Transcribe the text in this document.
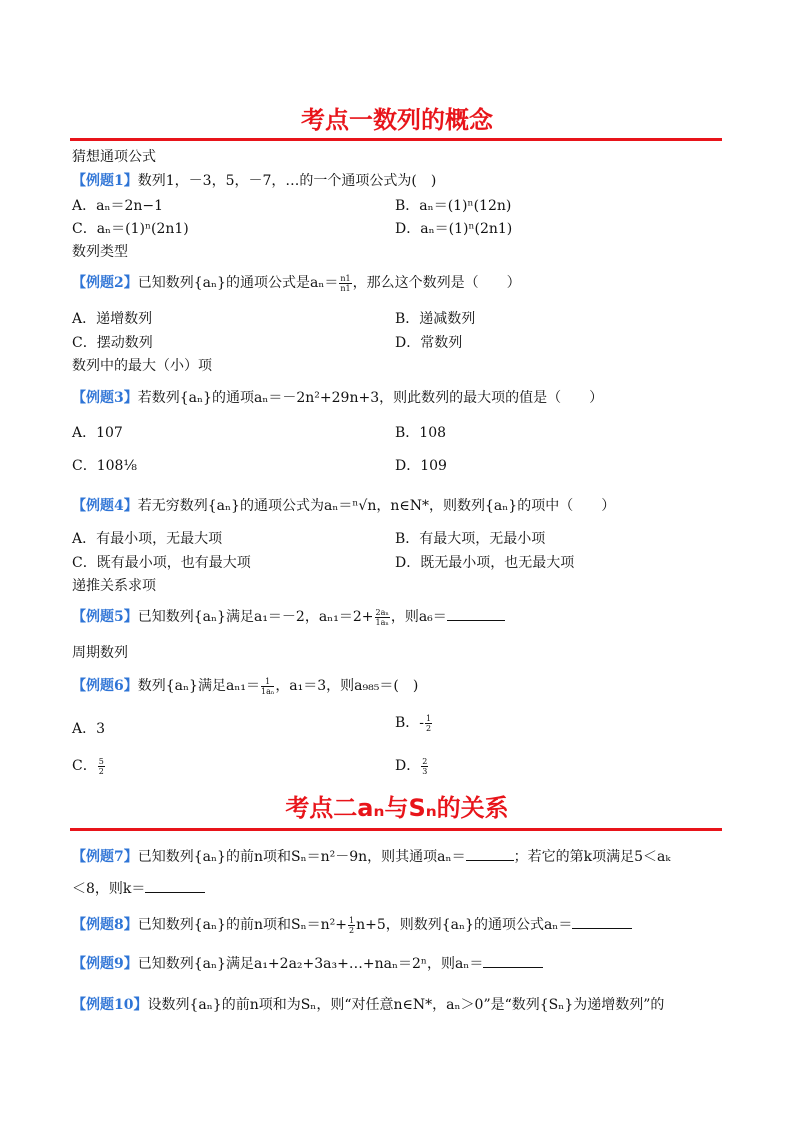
考点一数列的概念
猜想通项公式
【例题1】数列1，－3，5，－7，…的一个通项公式为(　)
A．aₙ＝2n−1	B．aₙ＝(1)ⁿ(12n)
C．aₙ＝(1)ⁿ(2n1)	D．aₙ＝(1)ⁿ(2n1)
数列类型
【例题2】已知数列{aₙ}的通项公式是$a_n= \frac{n1}{n1}$ ，那么这个数列是（　　）
A．递增数列	B．递减数列
C．摆动数列	D．常数列
数列中的最大（小）项
【例题3】若数列{aₙ}的通项aₙ＝－2n²+29n+3，则此数列的最大项的值是（　　）
A．107	B．108
C．108⅛	D．109
【例题4】若无穷数列{aₙ}的通项公式为aₙ＝ⁿ√n，n∈N*，则数列{aₙ}的项中（　　）
A．有最小项，无最大项	B．有最大项，无最小项
C．既有最小项，也有最大项	D．既无最小项，也无最大项
递推关系求项
【例题5】已知数列{aₙ}满足a₁＝－2，$a_{n1}=2+ \frac{\text{2aₙ}}{\text{1aₙ}}$ ，则a₆＝
周期数列
【例题6】数列{aₙ}满足$a_{n1}= \frac{1}{\text{1aₙ}}$ ，a₁＝3，则a₉₈₅＝(　)
A．3	B．- $\frac{1}{2}$
C． $\frac{5}{2}$	D． $\frac{2}{3}$
考点二aₙ与Sₙ的关系
【例题7】已知数列{aₙ}的前n项和Sₙ＝n²－9n，则其通项aₙ＝	；若它的第k项满足5＜aₖ
＜8，则k＝
【例题8】已知数列{aₙ}的前n项和$S_n=n^2+ \frac{1}{2} n+5$，则数列{aₙ}的通项公式aₙ＝
【例题9】已知数列{aₙ}满足a₁+2a₂+3a₃+…+naₙ＝2ⁿ，则aₙ＝
【例题10】设数列{aₙ}的前n项和为Sₙ，则“对任意n∈N*，aₙ＞0”是“数列{Sₙ}为递增数列”的
